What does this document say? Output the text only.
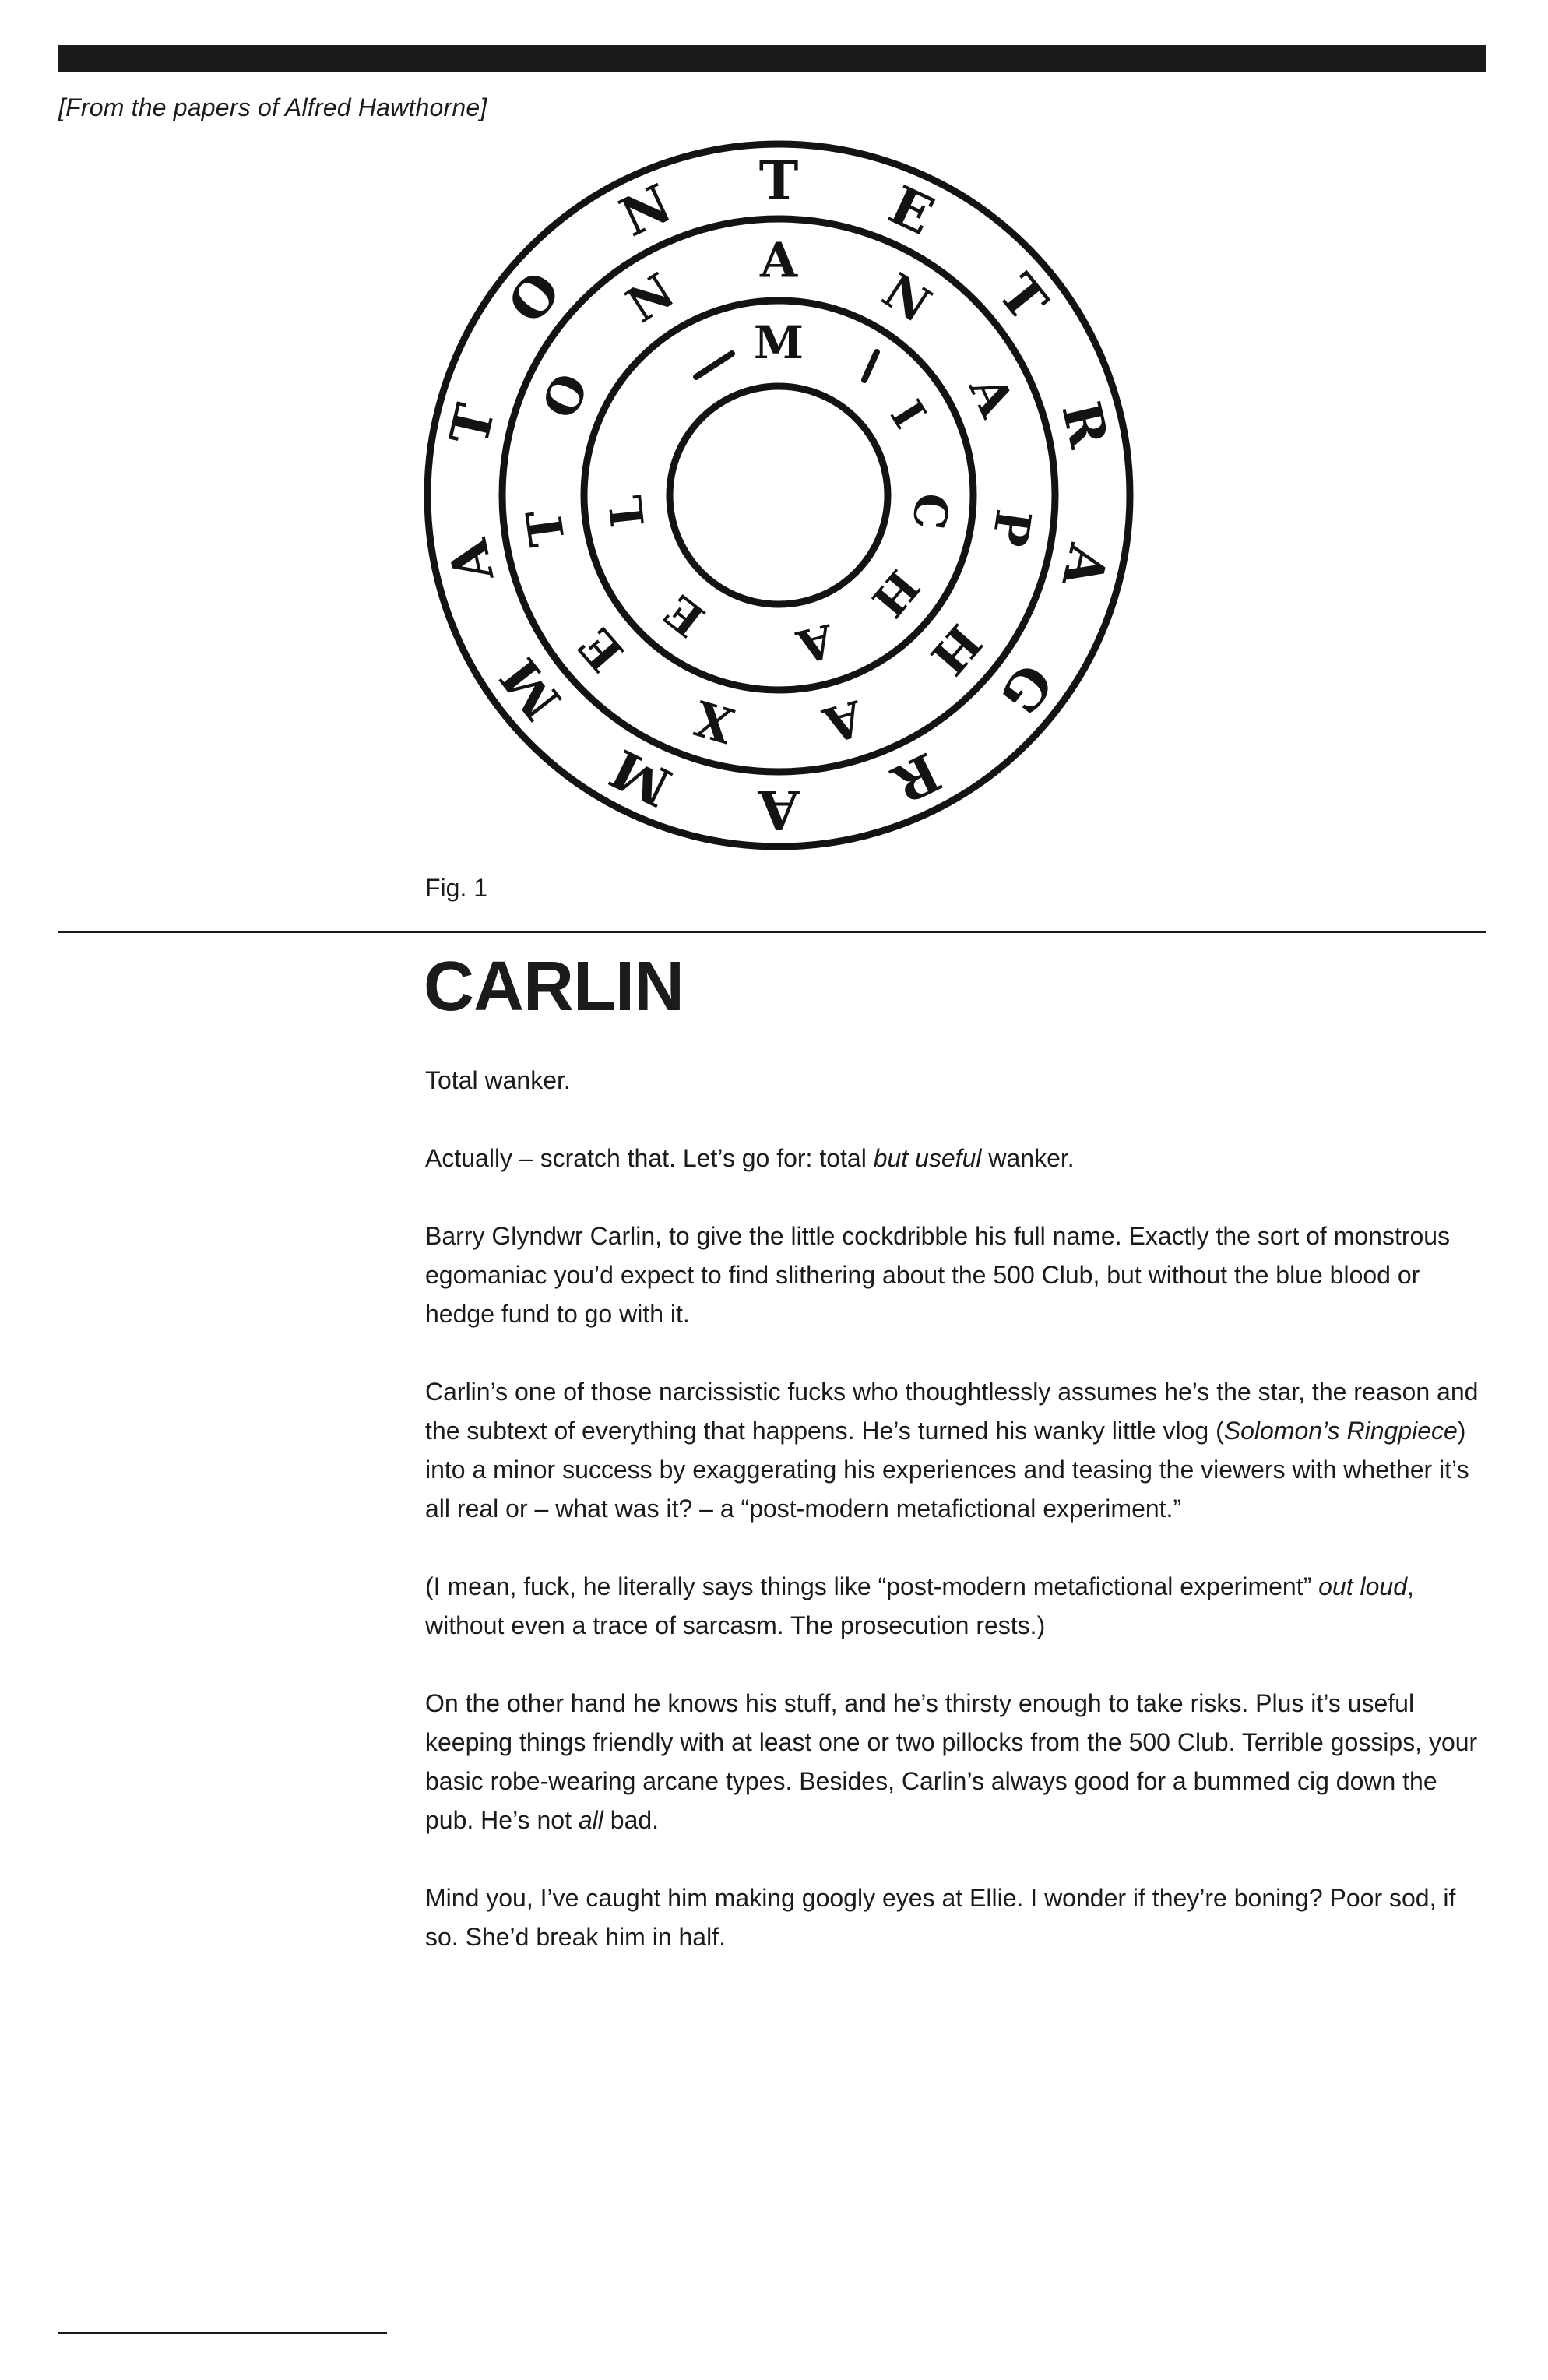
[From the papers of Alfred Hawthorne]
T E
T
R
A
G
R
A
M
M
A
T
O
N
A
N
A
P
H
A
X
E
T
O
N
M
I
C
H
A
E
L
Fig. 1
CARLIN

Total wanker.

Actually – scratch that. Let’s go for: total but useful wanker.

Barry Glyndwr Carlin, to give the little cockdribble his full name. Exactly the sort of monstrous egomaniac you’d expect to find slithering about the 500 Club, but without the blue blood or hedge fund to go with it.

Carlin’s one of those narcissistic fucks who thoughtlessly assumes he’s the star, the reason and the subtext of everything that happens. He’s turned his wanky little vlog (Solomon’s Ringpiece) into a minor success by exaggerating his experiences and teasing the viewers with whether it’s all real or – what was it? – a “post-modern metafictional experiment.”

(I mean, fuck, he literally says things like “post-modern metafictional experiment” out loud, without even a trace of sarcasm. The prosecution rests.)

On the other hand he knows his stuff, and he’s thirsty enough to take risks. Plus it’s useful keeping things friendly with at least one or two pillocks from the 500 Club. Terrible gossips, your basic robe-wearing arcane types. Besides, Carlin’s always good for a bummed cig down the pub. He’s not all bad.

Mind you, I’ve caught him making googly eyes at Ellie. I wonder if they’re boning? Poor sod, if so. She’d break him in half.
